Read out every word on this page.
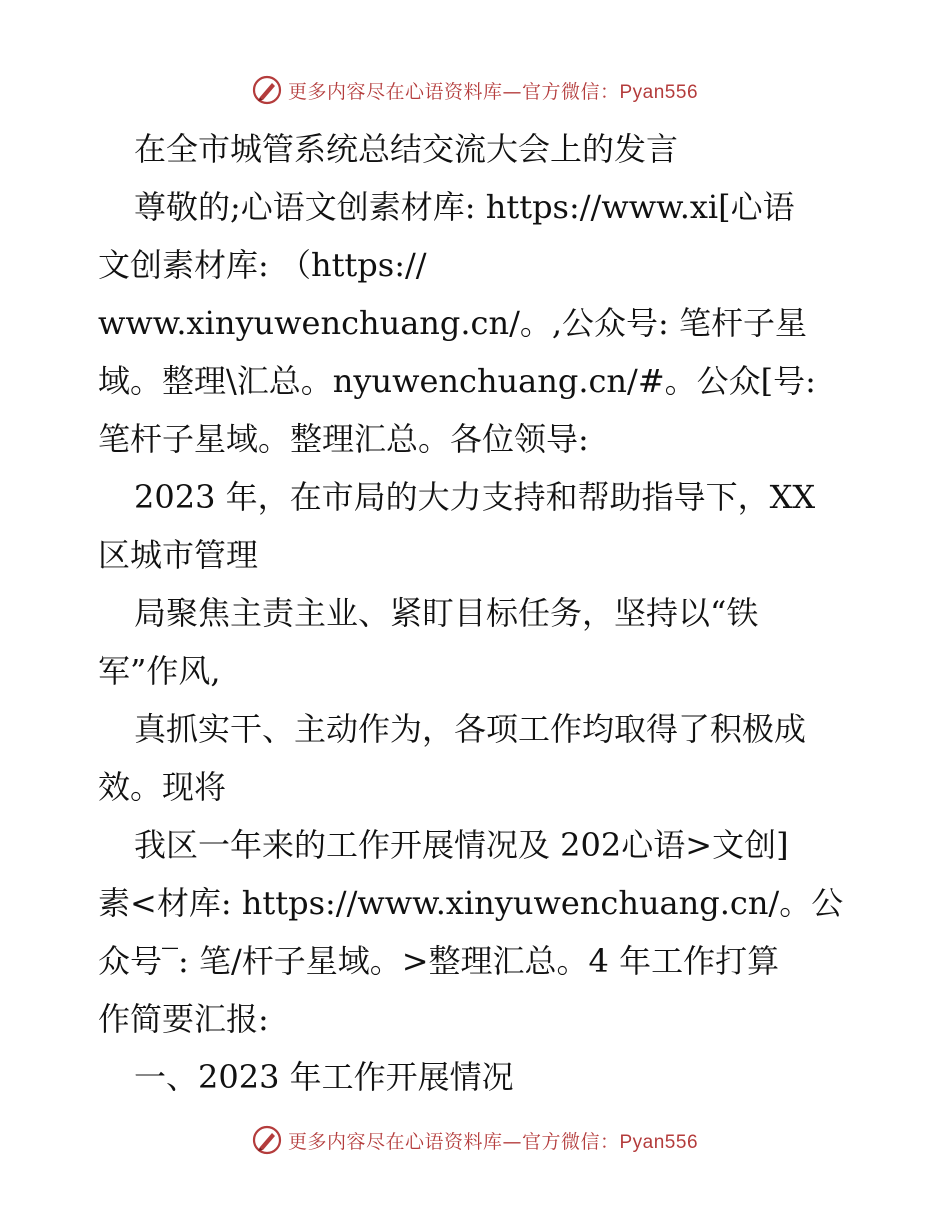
更多内容尽在心语资料库—官方微信：Pyan556

在全市城管系统总结交流大会上的发言

尊敬的;心语文创素材库: https://www.xi[心语

文创素材库: （https://

www.xinyuwenchuang.cn/。,公众号: 笔杆子星

域。整理\汇总。nyuwenchuang.cn/#。公众[号:

笔杆子星域。整理汇总。各位领导:

2023 年，在市局的大力支持和帮助指导下，XX

区城市管理

局聚焦主责主业、紧盯目标任务，坚持以“铁

军”作风,

真抓实干、主动作为，各项工作均取得了积极成

效。现将

我区一年来的工作开展情况及 202心语>文创]

素<材库: https://www.xinyuwenchuang.cn/。公

众号‾: 笔/杆子星域。>整理汇总。4 年工作打算

作简要汇报:

一、2023 年工作开展情况

更多内容尽在心语资料库—官方微信：Pyan556
